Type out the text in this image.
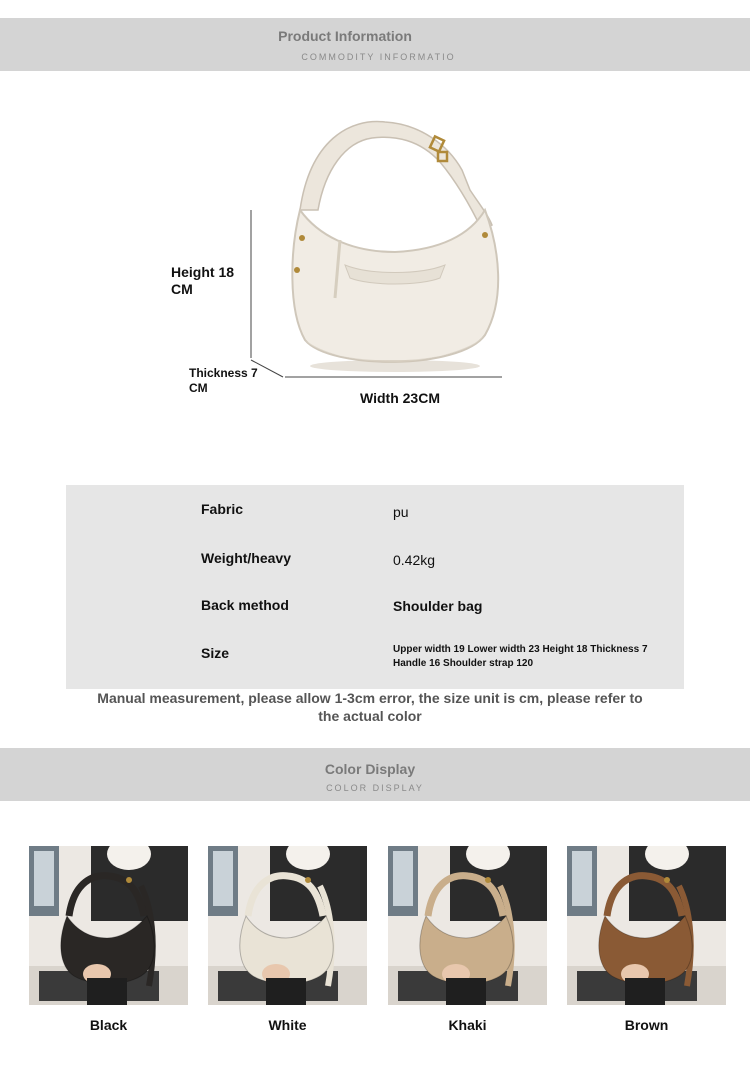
Product Information
COMMODITY INFORMATIO
Height 18
CM
Thickness 7
CM
Width 23CM
Fabric	pu
Weight/heavy	0.42kg
Back method	Shoulder bag
Size	Upper width 19 Lower width 23 Height 18 Thickness 7 Handle 16 Shoulder strap 120
Manual measurement, please allow 1-3cm error, the size unit is cm, please refer to the actual color
Color Display
COLOR DISPLAY
Black	White	Khaki	Brown
